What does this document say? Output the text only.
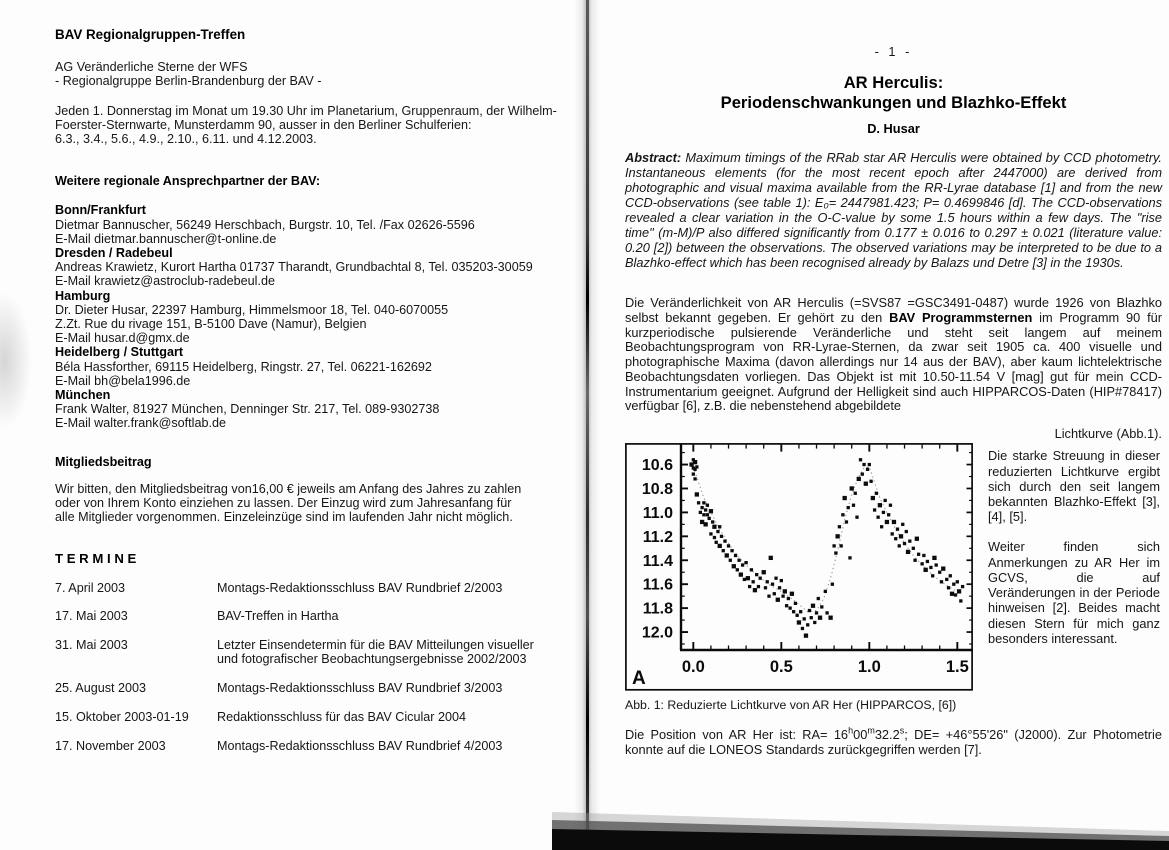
BAV Regionalgruppen-Treffen
AG Veränderliche Sterne der WFS
- Regionalgruppe Berlin-Brandenburg der BAV -
Jeden 1. Donnerstag im Monat um 19.30 Uhr im Planetarium, Gruppenraum, der Wilhelm-
Foerster-Sternwarte, Munsterdamm 90, ausser in den Berliner Schulferien:
6.3., 3.4., 5.6., 4.9., 2.10., 6.11. und 4.12.2003.
Weitere regionale Ansprechpartner der BAV:
Bonn/Frankfurt
Dietmar Bannuscher, 56249 Herschbach, Burgstr. 10, Tel. /Fax 02626-5596
E-Mail dietmar.bannuscher@t-online.de
Dresden / Radebeul
Andreas Krawietz, Kurort Hartha 01737 Tharandt, Grundbachtal 8, Tel. 035203-30059
E-Mail krawietz@astroclub-radebeul.de
Hamburg
Dr. Dieter Husar, 22397 Hamburg, Himmelsmoor 18, Tel. 040-6070055
Z.Zt. Rue du rivage 151, B-5100 Dave (Namur), Belgien
E-Mail husar.d@gmx.de
Heidelberg / Stuttgart
Béla Hassforther, 69115 Heidelberg, Ringstr. 27, Tel. 06221-162692
E-Mail bh@bela1996.de
München
Frank Walter, 81927 München, Denninger Str. 217, Tel. 089-9302738
E-Mail walter.frank@softlab.de
Mitgliedsbeitrag
Wir bitten, den Mitgliedsbeitrag von16,00 € jeweils am Anfang des Jahres zu zahlen
oder von Ihrem Konto einziehen zu lassen. Der Einzug wird zum Jahresanfang für
alle Mitglieder vorgenommen. Einzeleinzüge sind im laufenden Jahr nicht möglich.
T E R M I N E
7. April 2003	Montags-Redaktionsschluss BAV Rundbrief 2/2003
17. Mai 2003	BAV-Treffen in Hartha
31. Mai 2003	Letzter Einsendetermin für die BAV Mitteilungen visueller und fotografischer Beobachtungsergebnisse 2002/2003
25. August 2003	Montags-Redaktionsschluss BAV Rundbrief 3/2003
15. Oktober 2003-01-19	Redaktionsschluss für das BAV Cicular 2004
17. November 2003	Montags-Redaktionsschluss BAV Rundbrief 4/2003
- 1 -
AR Herculis:
Periodenschwankungen und Blazhko-Effekt
D. Husar

Abstract: Maximum timings of the RRab star AR Herculis were obtained by CCD photometry. Instantaneous elements (for the most recent epoch after 2447000) are derived from photographic and visual maxima available from the RR-Lyrae database [1] and from the new CCD-observations (see table 1): E₀= 2447981.423; P= 0.4699846 [d]. The CCD-observations revealed a clear variation in the O-C-value by some 1.5 hours within a few days. The "rise time" (m-M)/P also differed significantly from 0.177 ± 0.016 to 0.297 ± 0.021 (literature value: 0.20 [2]) between the observations. The observed variations may be interpreted to be due to a Blazhko-effect which has been recognised already by Balazs und Detre [3] in the 1930s.

Die Veränderlichkeit von AR Herculis (=SVS87 =GSC3491-0487) wurde 1926 von Blazhko selbst bekannt gegeben. Er gehört zu den BAV Programmsternen im Programm 90 für kurzperiodische pulsierende Veränderliche und steht seit langem auf meinem Beobachtungsprogram von RR-Lyrae-Sternen, da zwar seit 1905 ca. 400 visuelle und photographische Maxima (davon allerdings nur 14 aus der BAV), aber kaum lichtelektrische Beobachtungsdaten vorliegen. Das Objekt ist mit 10.50-11.54 V [mag] gut für mein CCD-Instrumentarium geeignet. Aufgrund der Helligkeit sind auch HIPPARCOS-Daten (HIP#78417) verfügbar [6], z.B. die nebenstehend abgebildete

Lichtkurve (Abb.1).
10.6
10.8
11.0
11.2
11.4
11.6
11.8
12.0
0.0	0.5	1.0	1.5
A

Die starke Streuung in dieser reduzierten Lichtkurve ergibt sich durch den seit langem bekannten Blazhko-Effekt [3], [4], [5].

Weiter finden sich Anmerkungen zu AR Her im GCVS, die auf Veränderungen in der Periode hinweisen [2]. Beides macht diesen Stern für mich ganz besonders interessant.

Abb. 1: Reduzierte Lichtkurve von AR Her (HIPPARCOS, [6])

Die Position von AR Her ist: $RA= 16^h00^m32.2^s$; DE= +46°55'26" (J2000). Zur Photometrie konnte auf die LONEOS Standards zurückgegriffen werden [7].
